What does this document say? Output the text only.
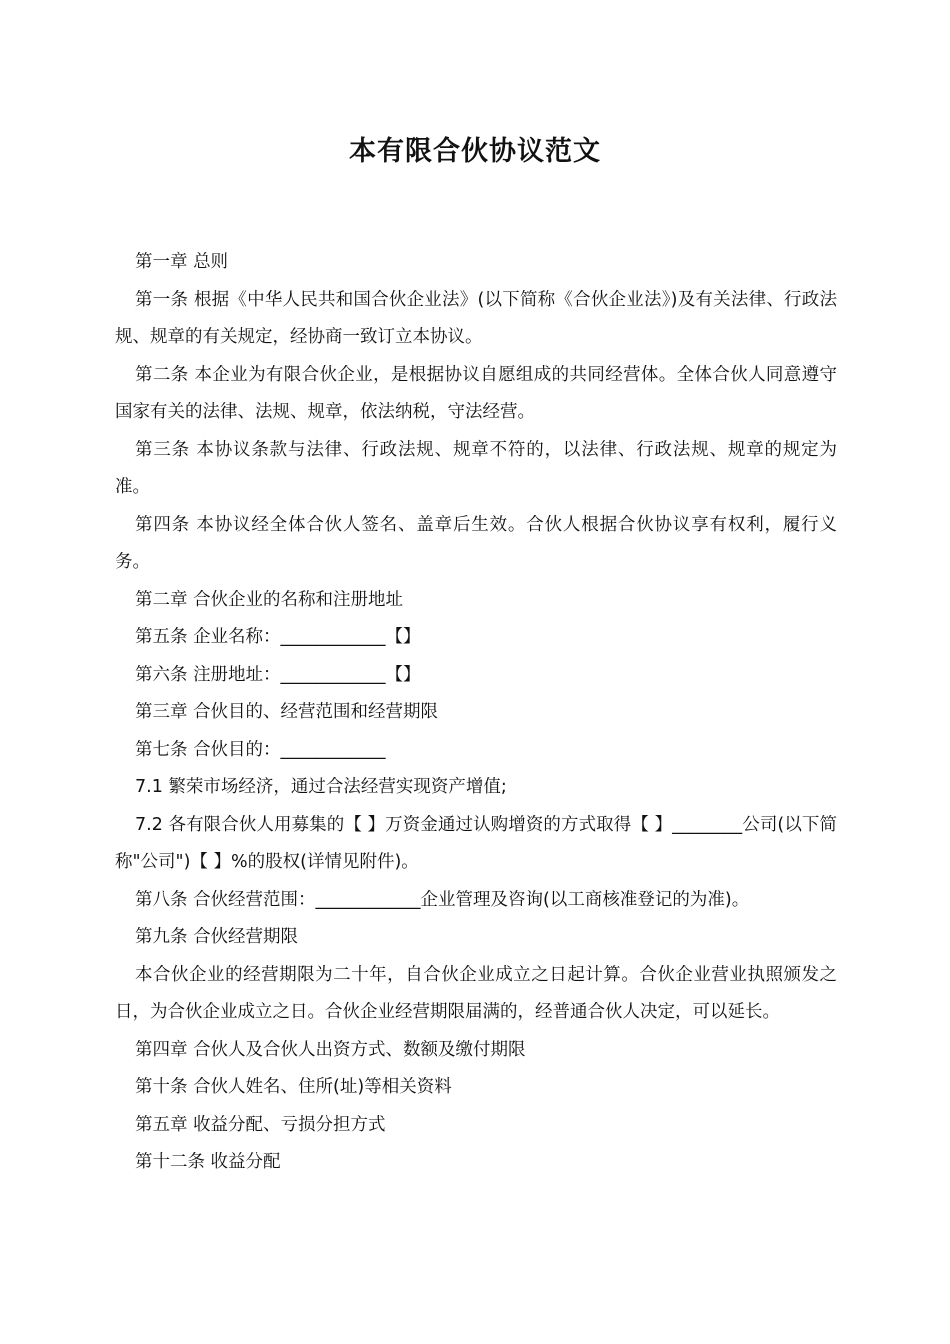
本有限合伙协议范文

第一章 总则

第一条 根据《中华人民共和国合伙企业法》(以下简称《合伙企业法》)及有关法律、行政法规、规章的有关规定，经协商一致订立本协议。

第二条 本企业为有限合伙企业，是根据协议自愿组成的共同经营体。全体合伙人同意遵守国家有关的法律、法规、规章，依法纳税，守法经营。

第三条 本协议条款与法律、行政法规、规章不符的，以法律、行政法规、规章的规定为准。

第四条 本协议经全体合伙人签名、盖章后生效。合伙人根据合伙协议享有权利，履行义务。

第二章 合伙企业的名称和注册地址

第五条 企业名称：____________【】

第六条 注册地址：____________【】

第三章 合伙目的、经营范围和经营期限

第七条 合伙目的：____________

7.1 繁荣市场经济，通过合法经营实现资产增值;

7.2 各有限合伙人用募集的【 】万资金通过认购增资的方式取得【 】________公司(以下简称"公司")【 】%的股权(详情见附件)。

第八条 合伙经营范围：____________企业管理及咨询(以工商核准登记的为准)。

第九条 合伙经营期限

本合伙企业的经营期限为二十年，自合伙企业成立之日起计算。合伙企业营业执照颁发之日，为合伙企业成立之日。合伙企业经营期限届满的，经普通合伙人决定，可以延长。

第四章 合伙人及合伙人出资方式、数额及缴付期限

第十条 合伙人姓名、住所(址)等相关资料

第五章 收益分配、亏损分担方式

第十二条 收益分配
